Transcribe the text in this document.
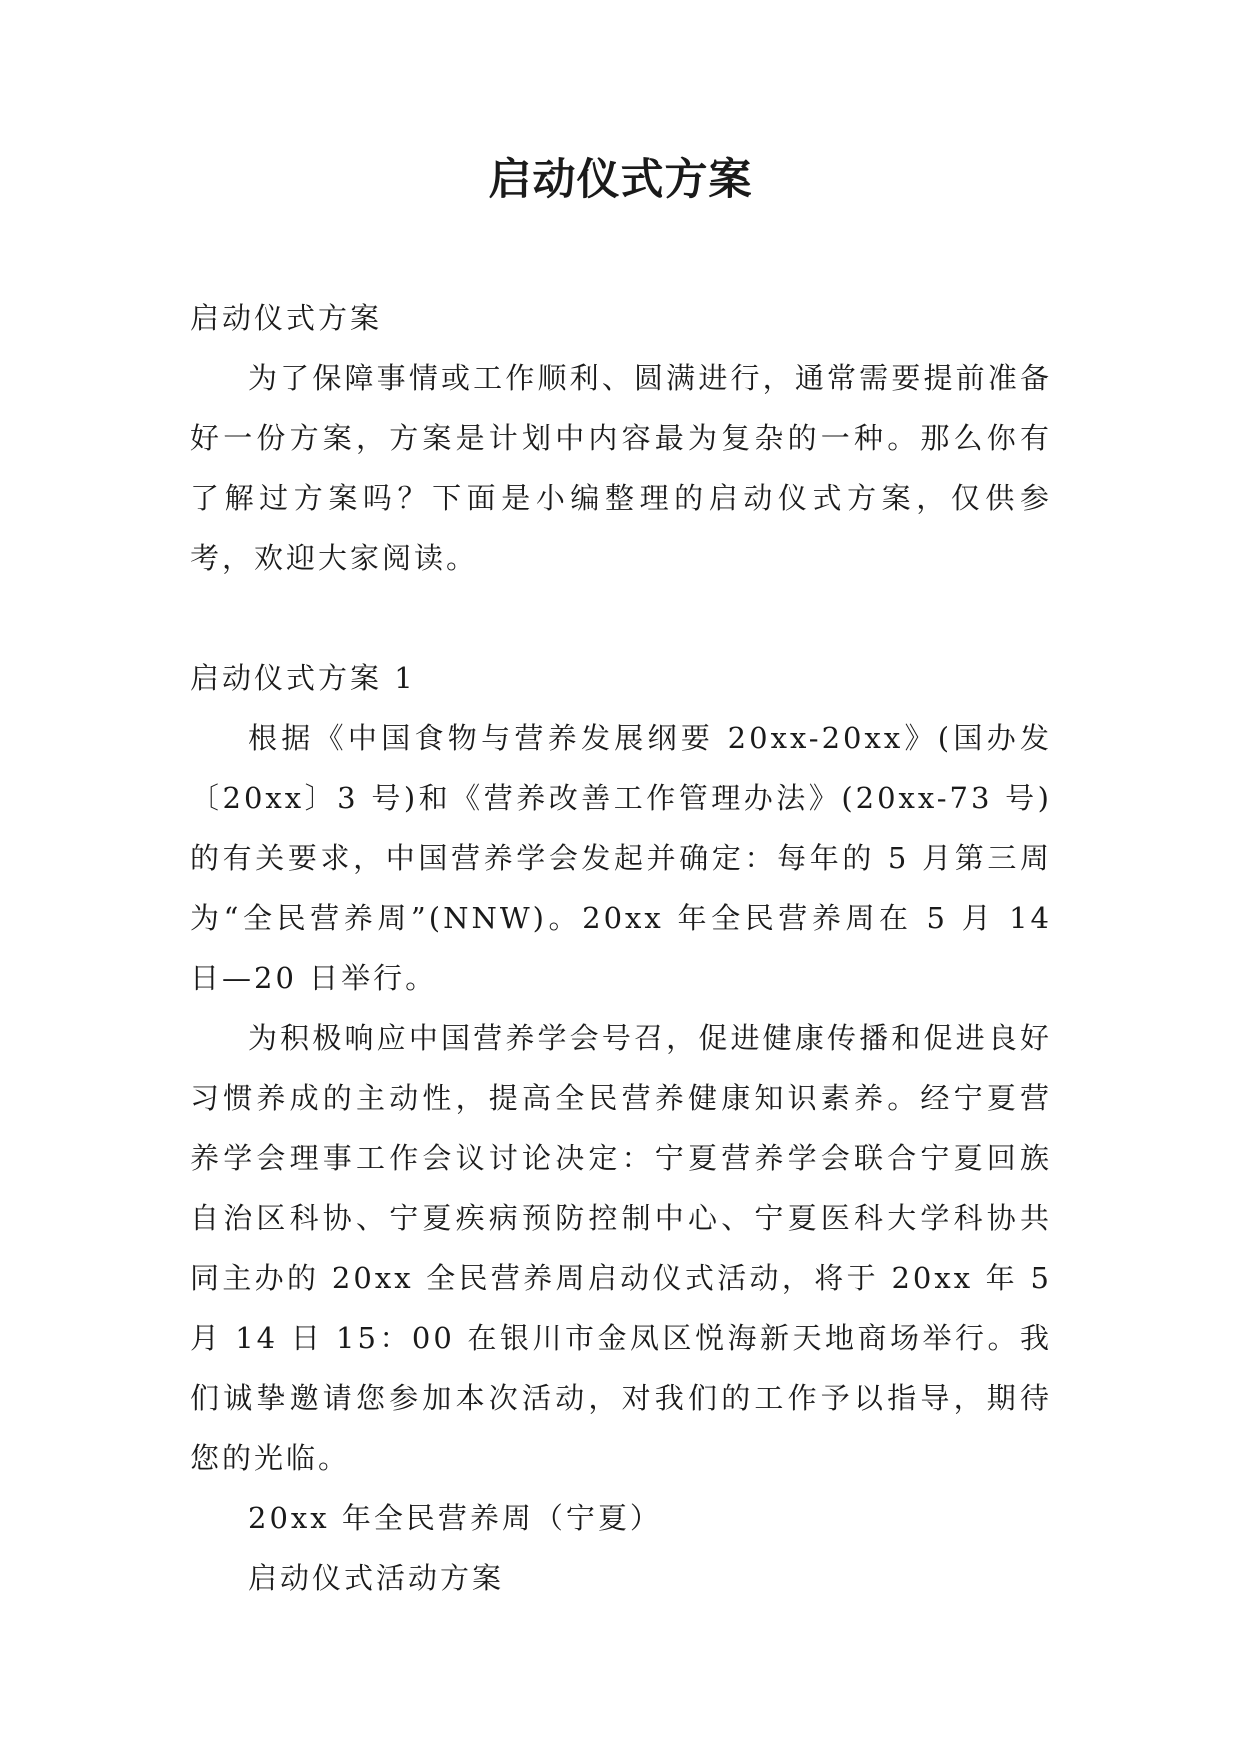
启动仪式方案

启动仪式方案

为了保障事情或工作顺利、圆满进行，通常需要提前准备好一份方案，方案是计划中内容最为复杂的一种。那么你有了解过方案吗？下面是小编整理的启动仪式方案，仅供参考，欢迎大家阅读。

启动仪式方案 1

根据《中国食物与营养发展纲要 20xx-20xx》(国办发〔20xx〕3 号)和《营养改善工作管理办法》(20xx-73 号)的有关要求，中国营养学会发起并确定：每年的 5 月第三周为“全民营养周”(NNW)。20xx 年全民营养周在 5 月 14 日—20 日举行。

为积极响应中国营养学会号召，促进健康传播和促进良好习惯养成的主动性，提高全民营养健康知识素养。经宁夏营养学会理事工作会议讨论决定：宁夏营养学会联合宁夏回族自治区科协、宁夏疾病预防控制中心、宁夏医科大学科协共同主办的 20xx 全民营养周启动仪式活动，将于 20xx 年 5 月 14 日 15：00 在银川市金凤区悦海新天地商场举行。我们诚挚邀请您参加本次活动，对我们的工作予以指导，期待您的光临。

20xx 年全民营养周（宁夏）

启动仪式活动方案
